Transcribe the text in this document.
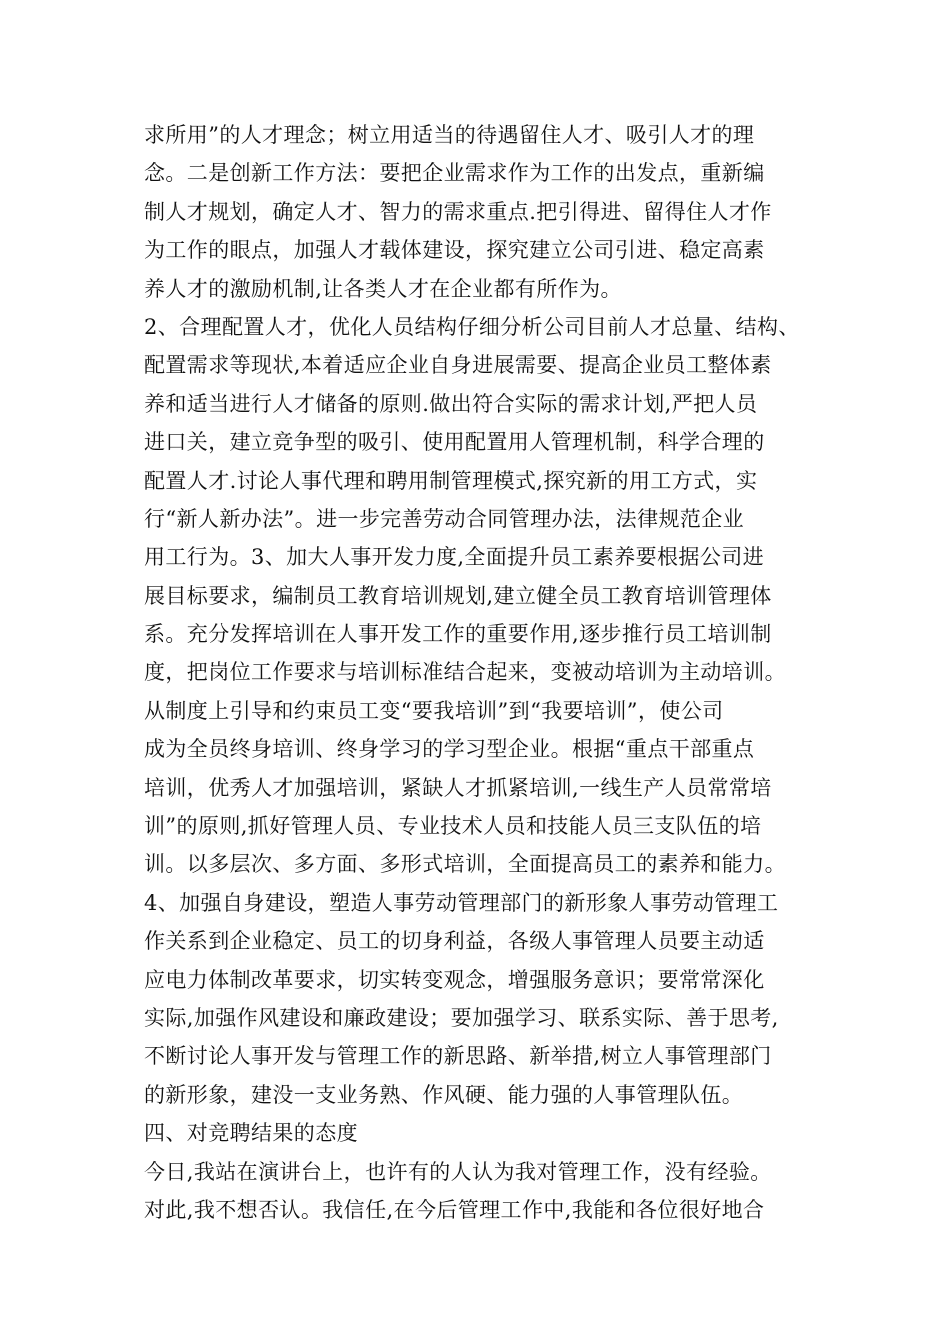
求所用”的人才理念；树立用适当的待遇留住人才、吸引人才的理
念。二是创新工作方法：要把企业需求作为工作的出发点，重新编
制人才规划，确定人才、智力的需求重点.把引得进、留得住人才作
为工作的眼点，加强人才载体建设，探究建立公司引进、稳定高素
养人才的激励机制,让各类人才在企业都有所作为。
2、合理配置人才，优化人员结构仔细分析公司目前人才总量、结构、
配置需求等现状,本着适应企业自身进展需要、提高企业员工整体素
养和适当进行人才储备的原则.做出符合实际的需求计划,严把人员
进口关，建立竞争型的吸引、使用配置用人管理机制，科学合理的
配置人才.讨论人事代理和聘用制管理模式,探究新的用工方式，实
行“新人新办法”。进一步完善劳动合同管理办法，法律规范企业
用工行为。3、加大人事开发力度,全面提升员工素养要根据公司进
展目标要求，编制员工教育培训规划,建立健全员工教育培训管理体
系。充分发挥培训在人事开发工作的重要作用,逐步推行员工培训制
度，把岗位工作要求与培训标准结合起来，变被动培训为主动培训。
从制度上引导和约束员工变“要我培训”到“我要培训”，使公司
成为全员终身培训、终身学习的学习型企业。根据“重点干部重点
培训，优秀人才加强培训，紧缺人才抓紧培训,一线生产人员常常培
训”的原则,抓好管理人员、专业技术人员和技能人员三支队伍的培
训。以多层次、多方面、多形式培训，全面提高员工的素养和能力。
4、加强自身建设，塑造人事劳动管理部门的新形象人事劳动管理工
作关系到企业稳定、员工的切身利益，各级人事管理人员要主动适
应电力体制改革要求，切实转变观念，增强服务意识；要常常深化
实际,加强作风建设和廉政建设；要加强学习、联系实际、善于思考,
不断讨论人事开发与管理工作的新思路、新举措,树立人事管理部门
的新形象，建没一支业务熟、作风硬、能力强的人事管理队伍。
四、对竞聘结果的态度
今日,我站在演讲台上，也许有的人认为我对管理工作，没有经验。
对此,我不想否认。我信任,在今后管理工作中,我能和各位很好地合
